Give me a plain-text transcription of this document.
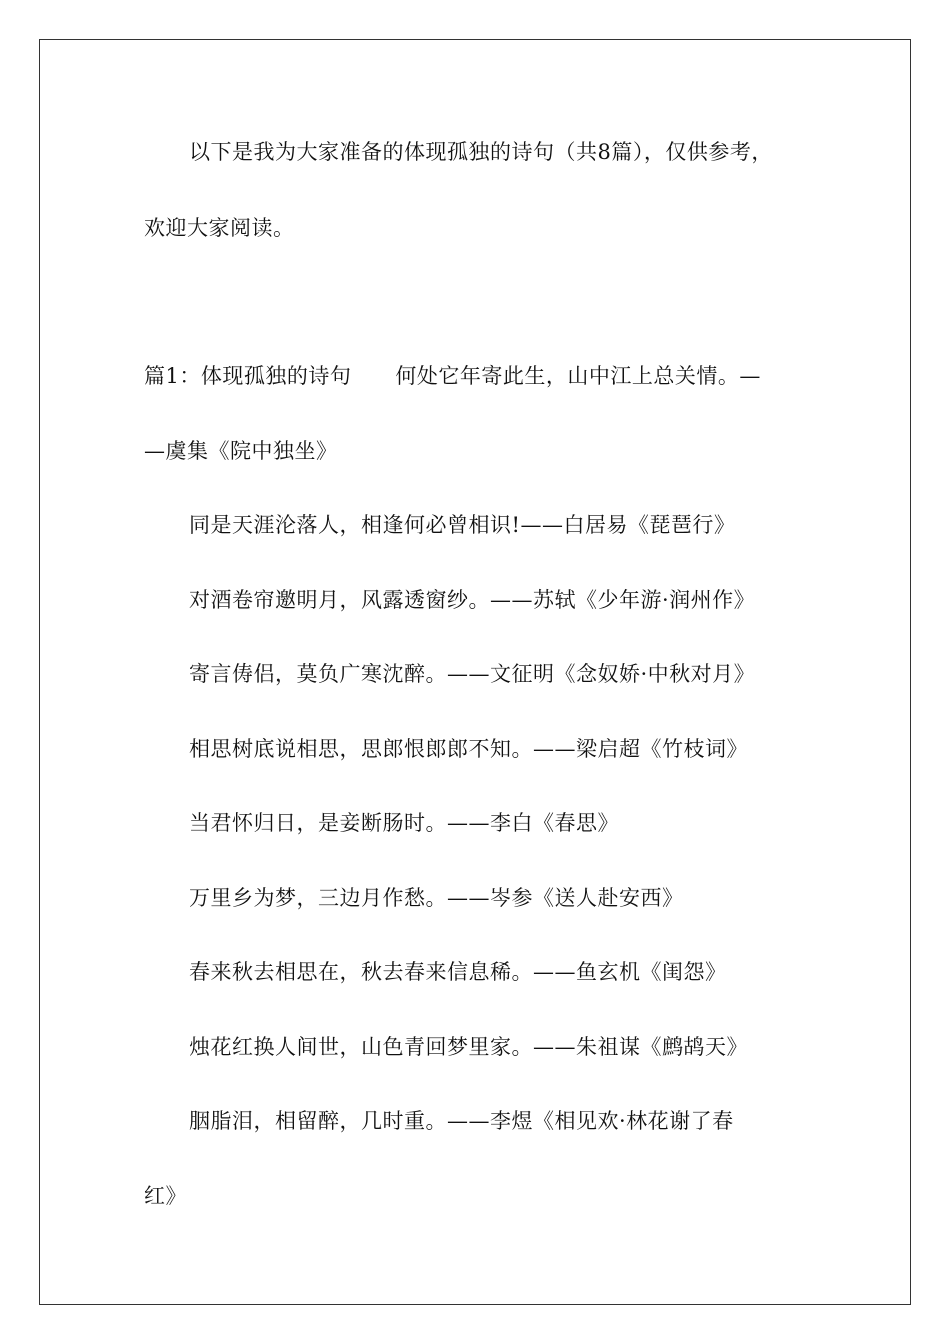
以下是我为大家准备的体现孤独的诗句（共8篇），仅供参考，
欢迎大家阅读。
篇1：体现孤独的诗句 何处它年寄此生，山中江上总关情。—
—虞集《院中独坐》
同是天涯沦落人，相逢何必曾相识!——白居易《琵琶行》
对酒卷帘邀明月，风露透窗纱。——苏轼《少年游·润州作》
寄言俦侣，莫负广寒沈醉。——文征明《念奴娇·中秋对月》
相思树底说相思，思郎恨郎郎不知。——梁启超《竹枝词》
当君怀归日，是妾断肠时。——李白《春思》
万里乡为梦，三边月作愁。——岑参《送人赴安西》
春来秋去相思在，秋去春来信息稀。——鱼玄机《闺怨》
烛花红换人间世，山色青回梦里家。——朱祖谋《鹧鸪天》
胭脂泪，相留醉，几时重。——李煜《相见欢·林花谢了春
红》
